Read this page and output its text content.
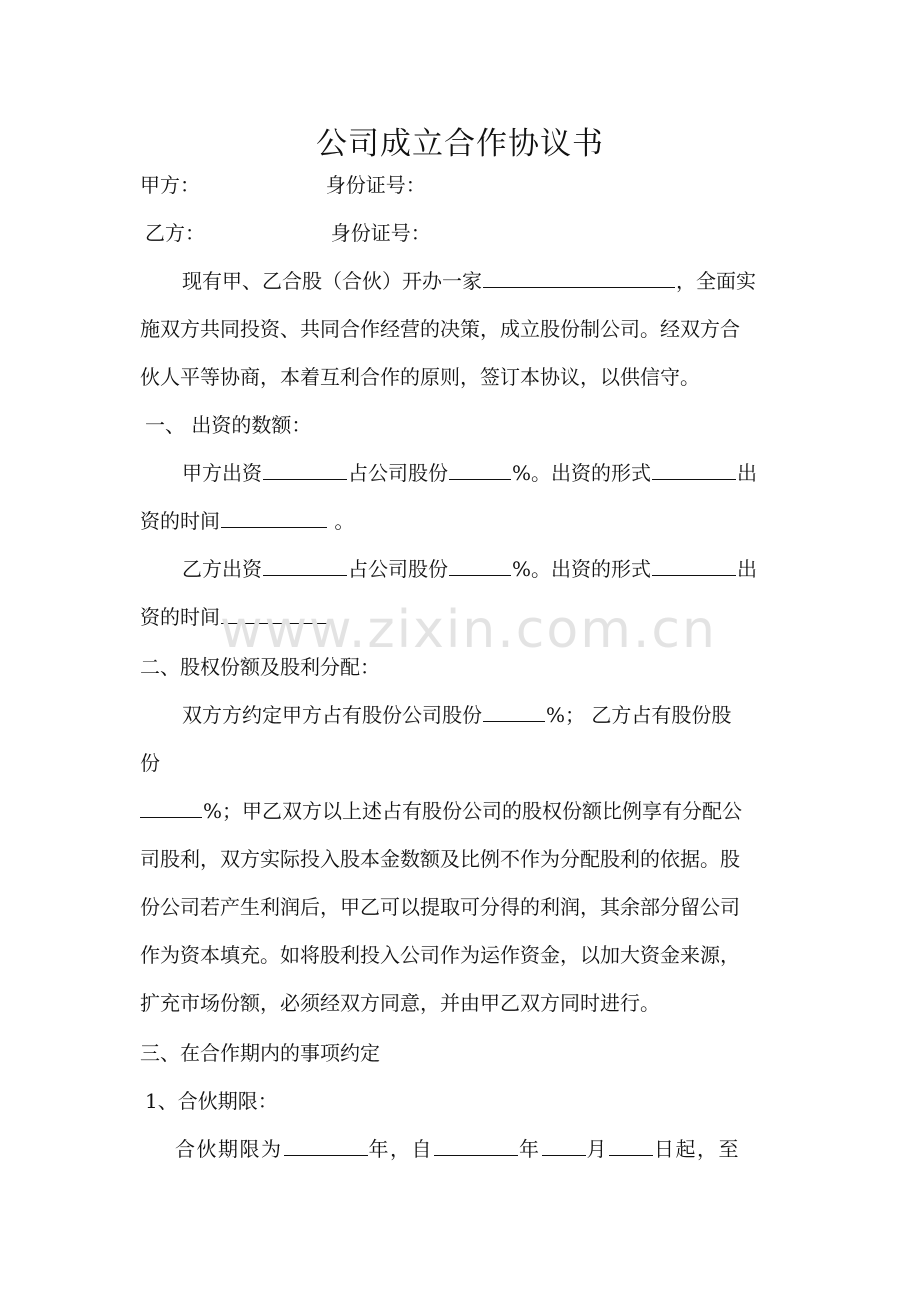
公司成立合作协议书
甲方：	身份证号：
乙方：	身份证号：
现有甲、乙合股（合伙）开办一家	，全面实
施双方共同投资、共同合作经营的决策，成立股份制公司。经双方合
伙人平等协商，本着互利合作的原则，签订本协议，以供信守。
一、 出资的数额：
甲方出资	占公司股份	%。出资的形式	出
资的时间	。
乙方出资	占公司股份	%。出资的形式	出
资的时间 www.zixin.com.cn
二、股权份额及股利分配：
双方方约定甲方占有股份公司股份	%； 乙方占有股份股
份
%；甲乙双方以上述占有股份公司的股权份额比例享有分配公
司股利，双方实际投入股本金数额及比例不作为分配股利的依据。股
份公司若产生利润后，甲乙可以提取可分得的利润，其余部分留公司
作为资本填充。如将股利投入公司作为运作资金，以加大资金来源，
扩充市场份额，必须经双方同意，并由甲乙双方同时进行。
三、在合作期内的事项约定
1、合伙期限：
合伙期限为	年，自	年 月 日起，至
